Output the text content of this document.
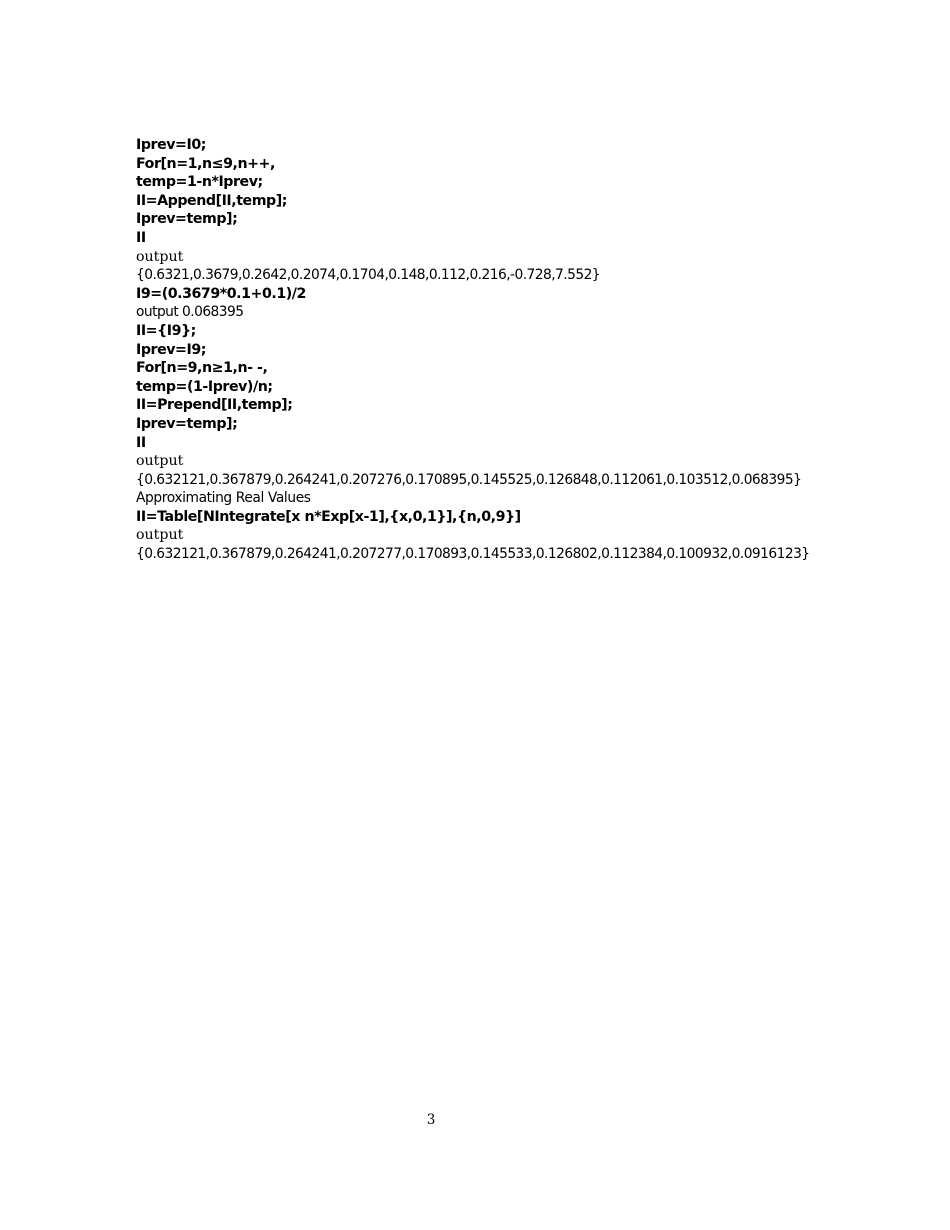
Iprev=I0;
For[n=1,n≤9,n++,
temp=1-n*Iprev;
II=Append[II,temp];
Iprev=temp];
II
output
{0.6321,0.3679,0.2642,0.2074,0.1704,0.148,0.112,0.216,-0.728,7.552}
I9=(0.3679*0.1+0.1)/2
output 0.068395
II={I9};
Iprev=I9;
For[n=9,n≥1,n- -,
temp=(1-Iprev)/n;
II=Prepend[II,temp];
Iprev=temp];
II
output
{0.632121,0.367879,0.264241,0.207276,0.170895,0.145525,0.126848,0.112061,0.103512,0.068395}
Approximating Real Values
II=Table[NIntegrate[x n*Exp[x-1],{x,0,1}],{n,0,9}]
output
{0.632121,0.367879,0.264241,0.207277,0.170893,0.145533,0.126802,0.112384,0.100932,0.0916123}
3
